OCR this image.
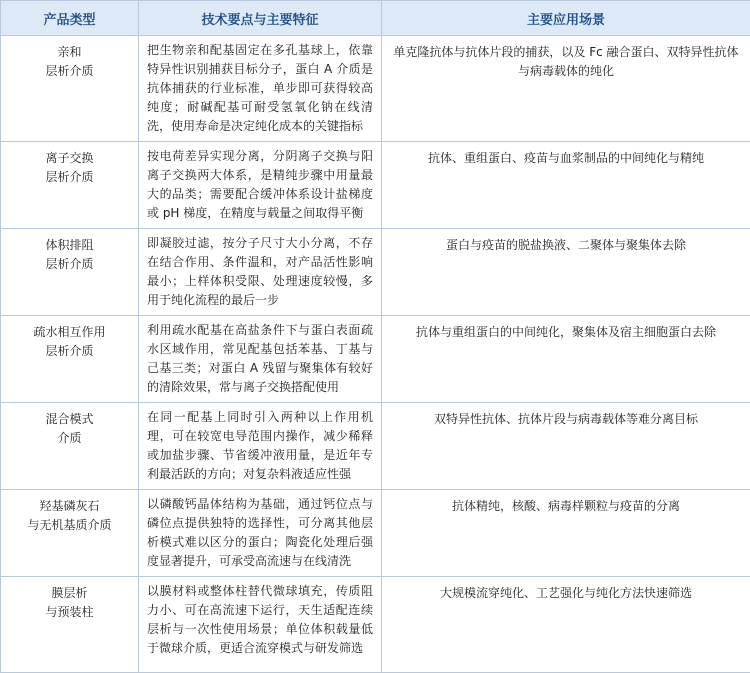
产品类型	技术要点与主要特征	主要应用场景

亲和
层析介质	把生物亲和配基固定在多孔基球上，依靠特异性识别捕获目标分子，蛋白 A 介质是抗体捕获的行业标准，单步即可获得较高纯度；耐碱配基可耐受氢氧化钠在线清洗，使用寿命是决定纯化成本的关键指标	单克隆抗体与抗体片段的捕获，以及 Fc 融合蛋白、双特异性抗体与病毒载体的纯化

离子交换
层析介质	按电荷差异实现分离，分阴离子交换与阳离子交换两大体系，是精纯步骤中用量最大的品类；需要配合缓冲体系设计盐梯度或 pH 梯度，在精度与载量之间取得平衡	抗体、重组蛋白、疫苗与血浆制品的中间纯化与精纯

体积排阻
层析介质	即凝胶过滤，按分子尺寸大小分离，不存在结合作用、条件温和，对产品活性影响最小；上样体积受限、处理速度较慢，多用于纯化流程的最后一步	蛋白与疫苗的脱盐换液、二聚体与聚集体去除

疏水相互作用
层析介质	利用疏水配基在高盐条件下与蛋白表面疏水区域作用，常见配基包括苯基、丁基与己基三类；对蛋白 A 残留与聚集体有较好的清除效果，常与离子交换搭配使用	抗体与重组蛋白的中间纯化，聚集体及宿主细胞蛋白去除

混合模式
介质	在同一配基上同时引入两种以上作用机理，可在较宽电导范围内操作，减少稀释或加盐步骤、节省缓冲液用量，是近年专利最活跃的方向；对复杂料液适应性强	双特异性抗体、抗体片段与病毒载体等难分离目标

羟基磷灰石
与无机基质介质	以磷酸钙晶体结构为基础，通过钙位点与磷位点提供独特的选择性，可分离其他层析模式难以区分的蛋白；陶瓷化处理后强度显著提升，可承受高流速与在线清洗	抗体精纯，核酸、病毒样颗粒与疫苗的分离

膜层析
与预装柱	以膜材料或整体柱替代微球填充，传质阻力小、可在高流速下运行，天生适配连续层析与一次性使用场景；单位体积载量低于微球介质，更适合流穿模式与研发筛选	大规模流穿纯化、工艺强化与纯化方法快速筛选
